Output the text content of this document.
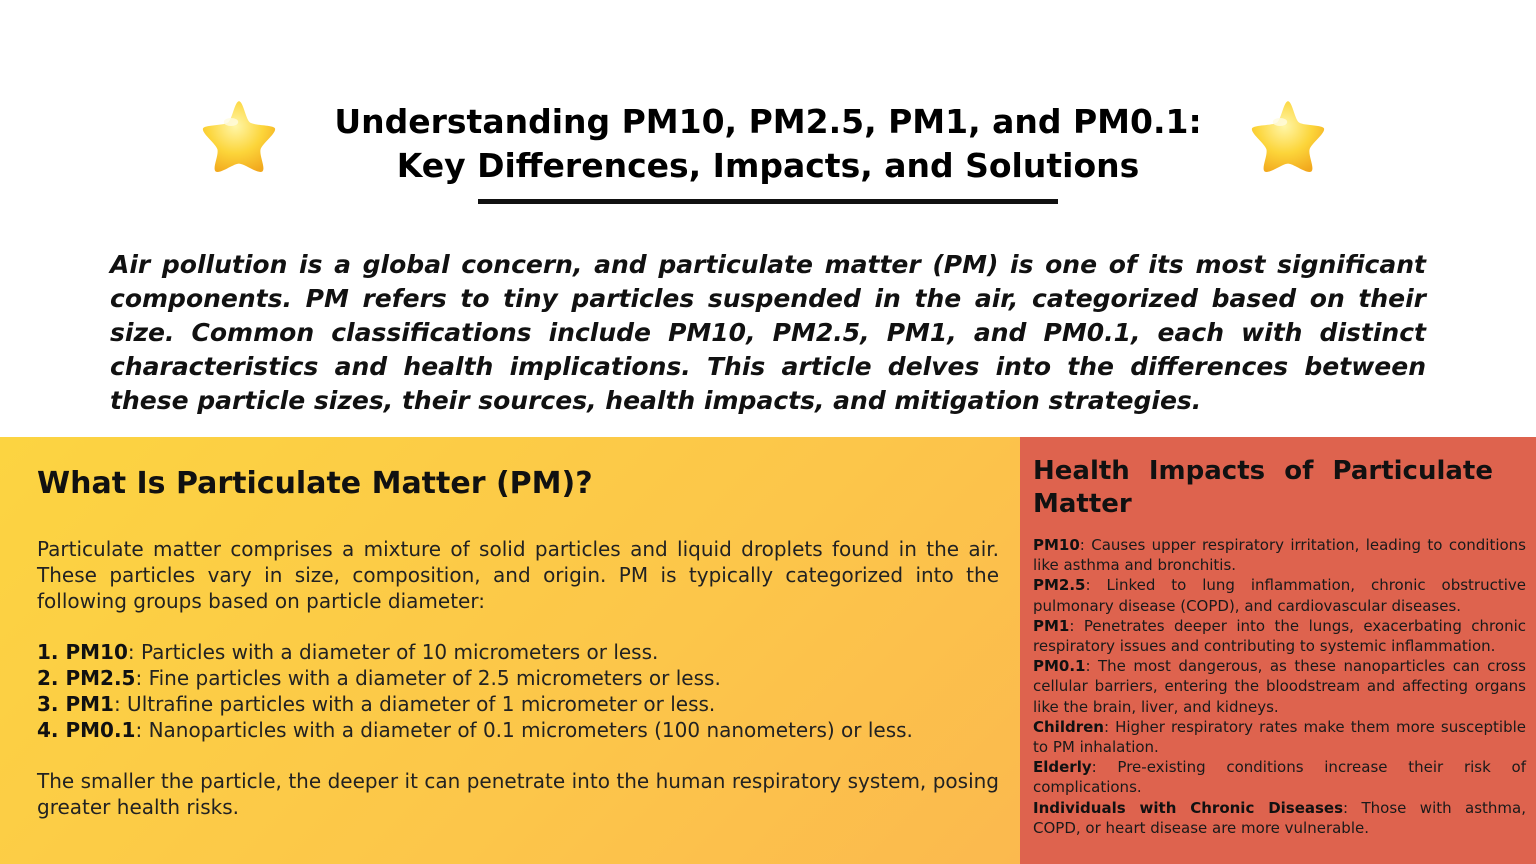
Understanding PM10, PM2.5, PM1, and PM0.1:
Key Differences, Impacts, and Solutions

Air pollution is a global concern, and particulate matter (PM) is one of its most significant components. PM refers to tiny particles suspended in the air, categorized based on their size. Common classifications include PM10, PM2.5, PM1, and PM0.1, each with distinct characteristics and health implications. This article delves into the differences between these particle sizes, their sources, health impacts, and mitigation strategies.

What Is Particulate Matter (PM)?

Particulate matter comprises a mixture of solid particles and liquid droplets found in the air. These particles vary in size, composition, and origin. PM is typically categorized into the following groups based on particle diameter:

1. PM10: Particles with a diameter of 10 micrometers or less.
2. PM2.5: Fine particles with a diameter of 2.5 micrometers or less.
3. PM1: Ultrafine particles with a diameter of 1 micrometer or less.
4. PM0.1: Nanoparticles with a diameter of 0.1 micrometers (100 nanometers) or less.

The smaller the particle, the deeper it can penetrate into the human respiratory system, posing greater health risks.

Health Impacts of Particulate Matter
PM10: Causes upper respiratory irritation, leading to conditions like asthma and bronchitis.
PM2.5: Linked to lung inflammation, chronic obstructive pulmonary disease (COPD), and cardiovascular diseases.
PM1: Penetrates deeper into the lungs, exacerbating chronic respiratory issues and contributing to systemic inflammation.
PM0.1: The most dangerous, as these nanoparticles can cross cellular barriers, entering the bloodstream and affecting organs like the brain, liver, and kidneys.
Children: Higher respiratory rates make them more susceptible to PM inhalation.
Elderly: Pre-existing conditions increase their risk of complications.
Individuals with Chronic Diseases: Those with asthma, COPD, or heart disease are more vulnerable.
